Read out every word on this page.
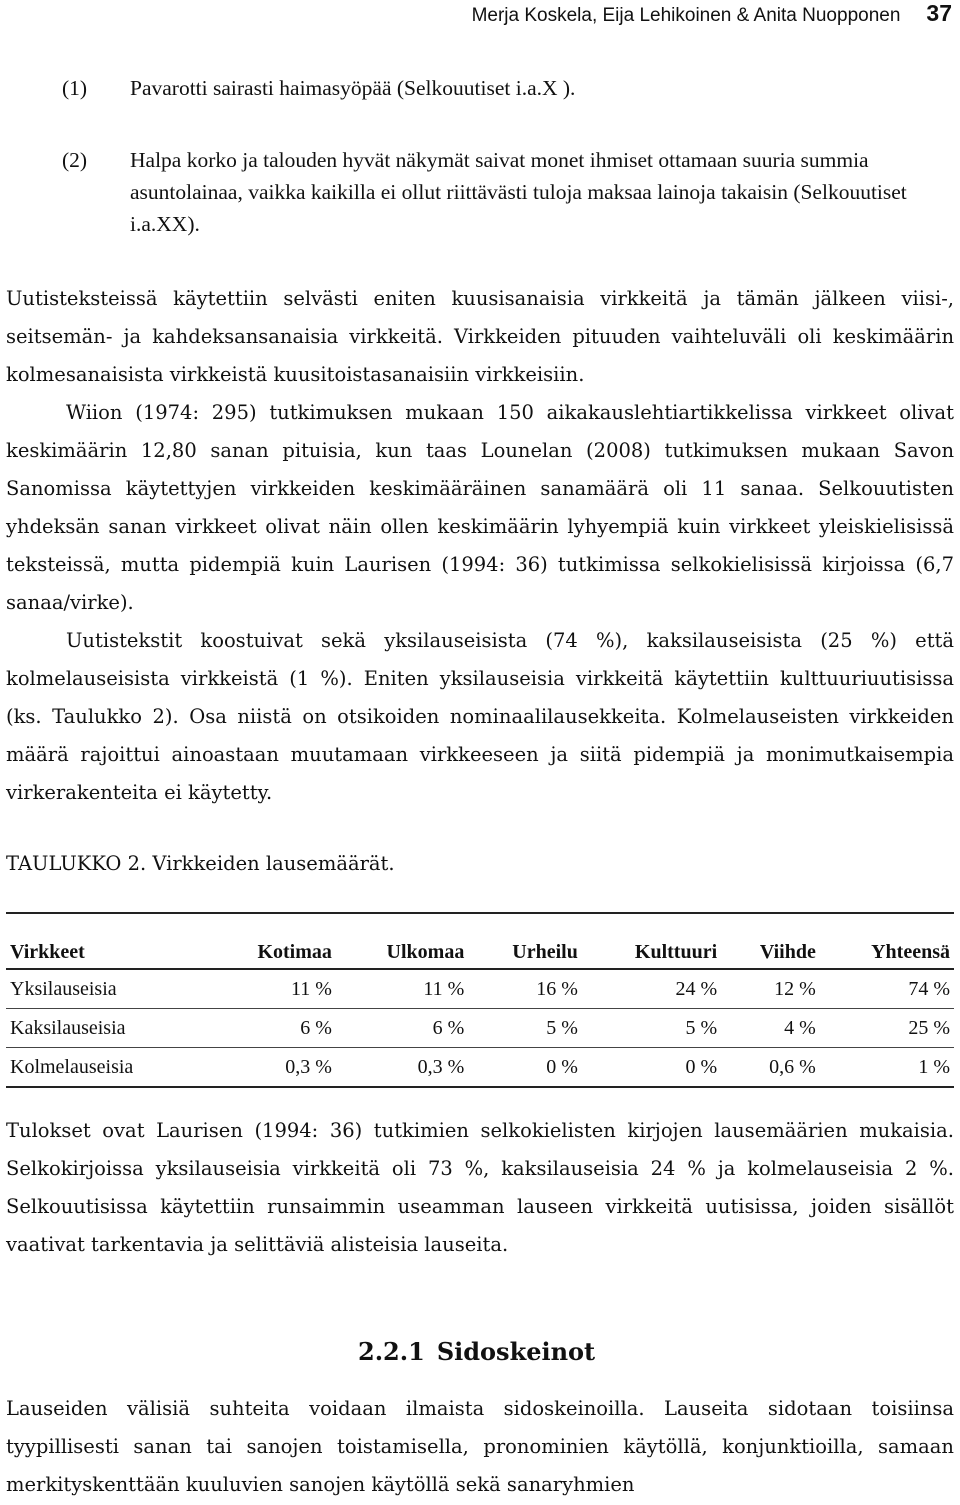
Merja Koskela, Eija Lehikoinen & Anita Nuopponen 37
(1) Pavarotti sairasti haimasyöpää (Selkouutiset i.a.X ).
(2) Halpa korko ja talouden hyvät näkymät saivat monet ihmiset ottamaan suuria summia asuntolainaa, vaikka kaikilla ei ollut riittävästi tuloja maksaa lainoja takaisin (Selkouutiset i.a.XX).

Uutisteksteissä käytettiin selvästi eniten kuusisanaisia virkkeitä ja tämän jälkeen viisi-, seitsemän- ja kahdeksansanaisia virkkeitä. Virkkeiden pituuden vaihteluväli oli keskimäärin kolmesanaisista virkkeistä kuusitoistasanaisiin virkkeisiin.

Wiion (1974: 295) tutkimuksen mukaan 150 aikakauslehtiartikkelissa virkkeet olivat keskimäärin 12,80 sanan pituisia, kun taas Lounelan (2008) tutkimuksen mukaan Savon Sanomissa käytettyjen virkkeiden keskimääräinen sanamäärä oli 11 sanaa. Selkouutisten yhdeksän sanan virkkeet olivat näin ollen keskimäärin lyhyempiä kuin virkkeet yleiskielisissä teksteissä, mutta pidempiä kuin Laurisen (1994: 36) tutkimissa selkokielisissä kirjoissa (6,7 sanaa/virke).

Uutistekstit koostuivat sekä yksilauseisista (74 %), kaksilauseisista (25 %) että kolmelauseisista virkkeistä (1 %). Eniten yksilauseisia virkkeitä käytettiin kulttuuriuutisissa (ks. Taulukko 2). Osa niistä on otsikoiden nominaalilausekkeita. Kolmelauseisten virkkeiden määrä rajoittui ainoastaan muutamaan virkkeeseen ja siitä pidempiä ja monimutkaisempia virkerakenteita ei käytetty.

TAULUKKO 2. Virkkeiden lausemäärät.
Virkkeet	Kotimaa	Ulkomaa	Urheilu	Kulttuuri	Viihde	Yhteensä
Yksilauseisia	11 %	11 %	16 %	24 %	12 %	74 %
Kaksilauseisia	6 %	6 %	5 %	5 %	4 %	25 %
Kolmelauseisia	0,3 %	0,3 %	0 %	0 %	0,6 %	1 %

Tulokset ovat Laurisen (1994: 36) tutkimien selkokielisten kirjojen lausemäärien mukaisia. Selkokirjoissa yksilauseisia virkkeitä oli 73 %, kaksilauseisia 24 % ja kolmelauseisia 2 %. Selkouutisissa käytettiin runsaimmin useamman lauseen virkkeitä uutisissa, joiden sisällöt vaativat tarkentavia ja selittäviä alisteisia lauseita.

2.2.1 Sidoskeinot

Lauseiden välisiä suhteita voidaan ilmaista sidoskeinoilla. Lauseita sidotaan toisiinsa tyypillisesti sanan tai sanojen toistamisella, pronominien käytöllä, konjunktioilla, samaan merkityskenttään kuuluvien sanojen käytöllä sekä sanaryhmien
